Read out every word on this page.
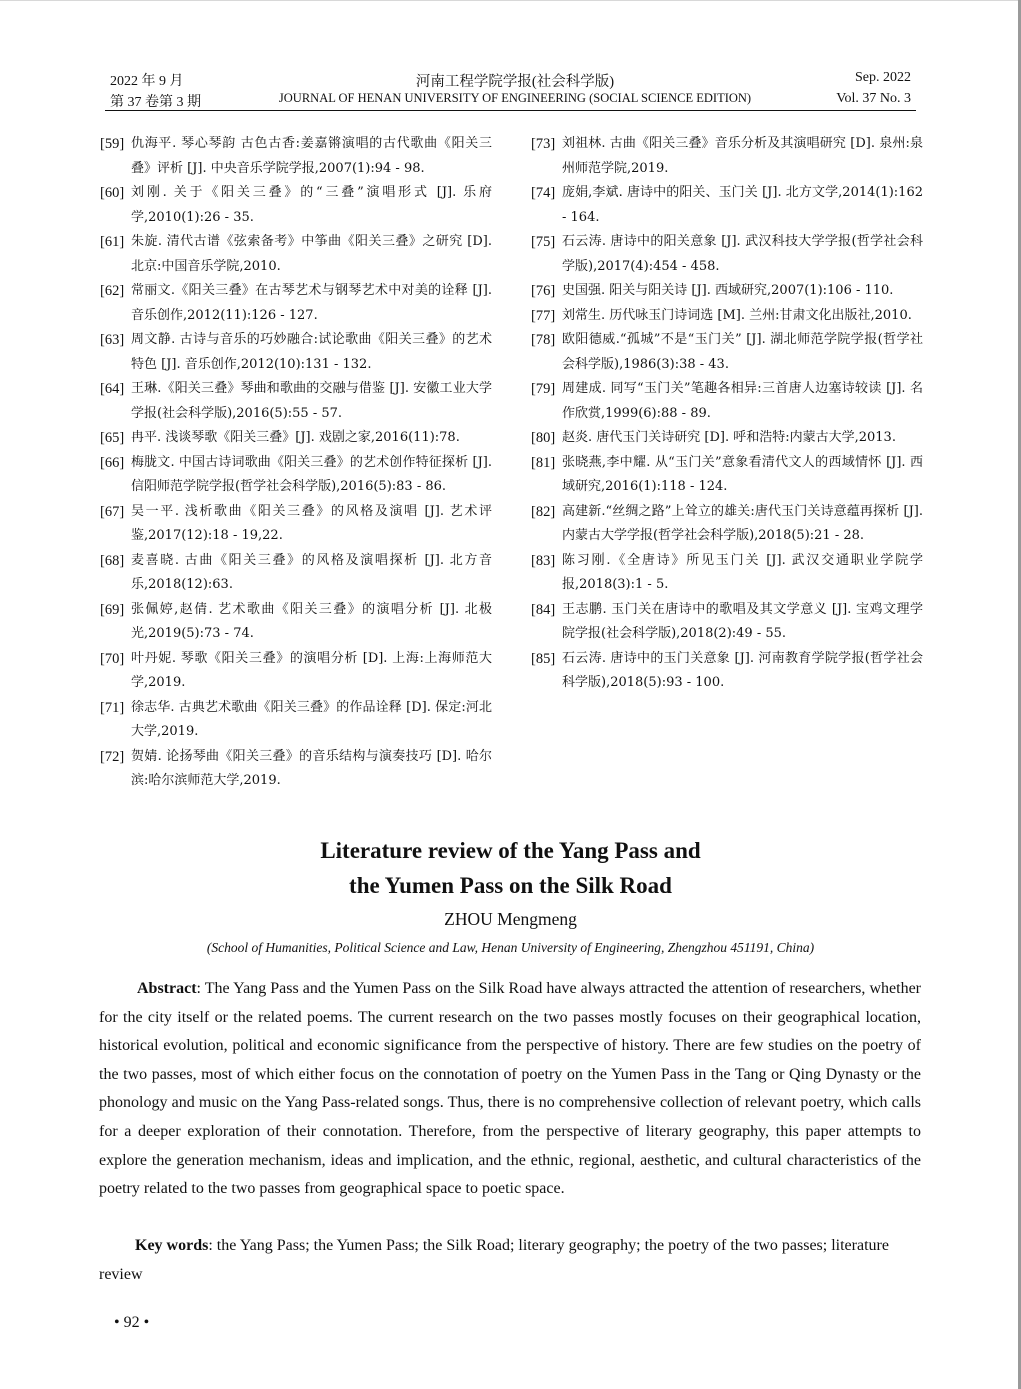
2022 年 9 月
第 37 卷第 3 期
河南工程学院学报(社会科学版)
JOURNAL OF HENAN UNIVERSITY OF ENGINEERING (SOCIAL SCIENCE EDITION)
Sep. 2022
Vol. 37 No. 3

[59] 仇海平. 琴心琴韵 古色古香:姜嘉锵演唱的古代歌曲《阳关三叠》评析 [J]. 中央音乐学院学报,2007(1):94 - 98.

[60] 刘刚. 关于《阳关三叠》的“三叠”演唱形式 [J]. 乐府学,2010(1):26 - 35.

[61] 朱旋. 清代古谱《弦索备考》中筝曲《阳关三叠》之研究 [D]. 北京:中国音乐学院,2010.

[62] 常丽文.《阳关三叠》在古琴艺术与钢琴艺术中对美的诠释 [J]. 音乐创作,2012(11):126 - 127.

[63] 周文静. 古诗与音乐的巧妙融合:试论歌曲《阳关三叠》的艺术特色 [J]. 音乐创作,2012(10):131 - 132.

[64] 王琳.《阳关三叠》琴曲和歌曲的交融与借鉴 [J]. 安徽工业大学学报(社会科学版),2016(5):55 - 57.

[65] 冉平. 浅谈琴歌《阳关三叠》[J]. 戏剧之家,2016(11):78.

[66] 梅胧文. 中国古诗词歌曲《阳关三叠》的艺术创作特征探析 [J]. 信阳师范学院学报(哲学社会科学版),2016(5):83 - 86.

[67] 吴一平. 浅析歌曲《阳关三叠》的风格及演唱 [J]. 艺术评鉴,2017(12):18 - 19,22.

[68] 麦喜晓. 古曲《阳关三叠》的风格及演唱探析 [J]. 北方音乐,2018(12):63.

[69] 张佩婷,赵倩. 艺术歌曲《阳关三叠》的演唱分析 [J]. 北极光,2019(5):73 - 74.

[70] 叶丹妮. 琴歌《阳关三叠》的演唱分析 [D]. 上海:上海师范大学,2019.

[71] 徐志华. 古典艺术歌曲《阳关三叠》的作品诠释 [D]. 保定:河北大学,2019.

[72] 贺婧. 论扬琴曲《阳关三叠》的音乐结构与演奏技巧 [D]. 哈尔滨:哈尔滨师范大学,2019.

[73] 刘祖林. 古曲《阳关三叠》音乐分析及其演唱研究 [D]. 泉州:泉州师范学院,2019.

[74] 庞娟,李斌. 唐诗中的阳关、玉门关 [J]. 北方文学,2014(1):162 - 164.

[75] 石云涛. 唐诗中的阳关意象 [J]. 武汉科技大学学报(哲学社会科学版),2017(4):454 - 458.

[76] 史国强. 阳关与阳关诗 [J]. 西域研究,2007(1):106 - 110.

[77] 刘常生. 历代咏玉门诗词选 [M]. 兰州:甘肃文化出版社,2010.

[78] 欧阳德威.“孤城”不是“玉门关” [J]. 湖北师范学院学报(哲学社会科学版),1986(3):38 - 43.

[79] 周建成. 同写“玉门关”笔趣各相异:三首唐人边塞诗较读 [J]. 名作欣赏,1999(6):88 - 89.

[80] 赵炎. 唐代玉门关诗研究 [D]. 呼和浩特:内蒙古大学,2013.

[81] 张晓燕,李中耀. 从“玉门关”意象看清代文人的西域情怀 [J]. 西域研究,2016(1):118 - 124.

[82] 高建新.“丝绸之路”上耸立的雄关:唐代玉门关诗意蕴再探析 [J]. 内蒙古大学学报(哲学社会科学版),2018(5):21 - 28.

[83] 陈习刚.《全唐诗》所见玉门关 [J]. 武汉交通职业学院学报,2018(3):1 - 5.

[84] 王志鹏. 玉门关在唐诗中的歌唱及其文学意义 [J]. 宝鸡文理学院学报(社会科学版),2018(2):49 - 55.

[85] 石云涛. 唐诗中的玉门关意象 [J]. 河南教育学院学报(哲学社会科学版),2018(5):93 - 100.

Literature review of the Yang Pass and
the Yumen Pass on the Silk Road
ZHOU Mengmeng
(School of Humanities, Political Science and Law, Henan University of Engineering, Zhengzhou 451191, China)

Abstract: The Yang Pass and the Yumen Pass on the Silk Road have always attracted the attention of researchers, whether for the city itself or the related poems. The current research on the two passes mostly focuses on their geographical location, historical evolution, political and economic significance from the perspective of history. There are few studies on the poetry of the two passes, most of which either focus on the connotation of poetry on the Yumen Pass in the Tang or Qing Dynasty or the phonology and music on the Yang Pass-related songs. Thus, there is no comprehensive collection of relevant poetry, which calls for a deeper exploration of their connotation. Therefore, from the perspective of literary geography, this paper attempts to explore the generation mechanism, ideas and implication, and the ethnic, regional, aesthetic, and cultural characteristics of the poetry related to the two passes from geographical space to poetic space.

Key words: the Yang Pass; the Yumen Pass; the Silk Road; literary geography; the poetry of the two passes; literature review

• 92 •
